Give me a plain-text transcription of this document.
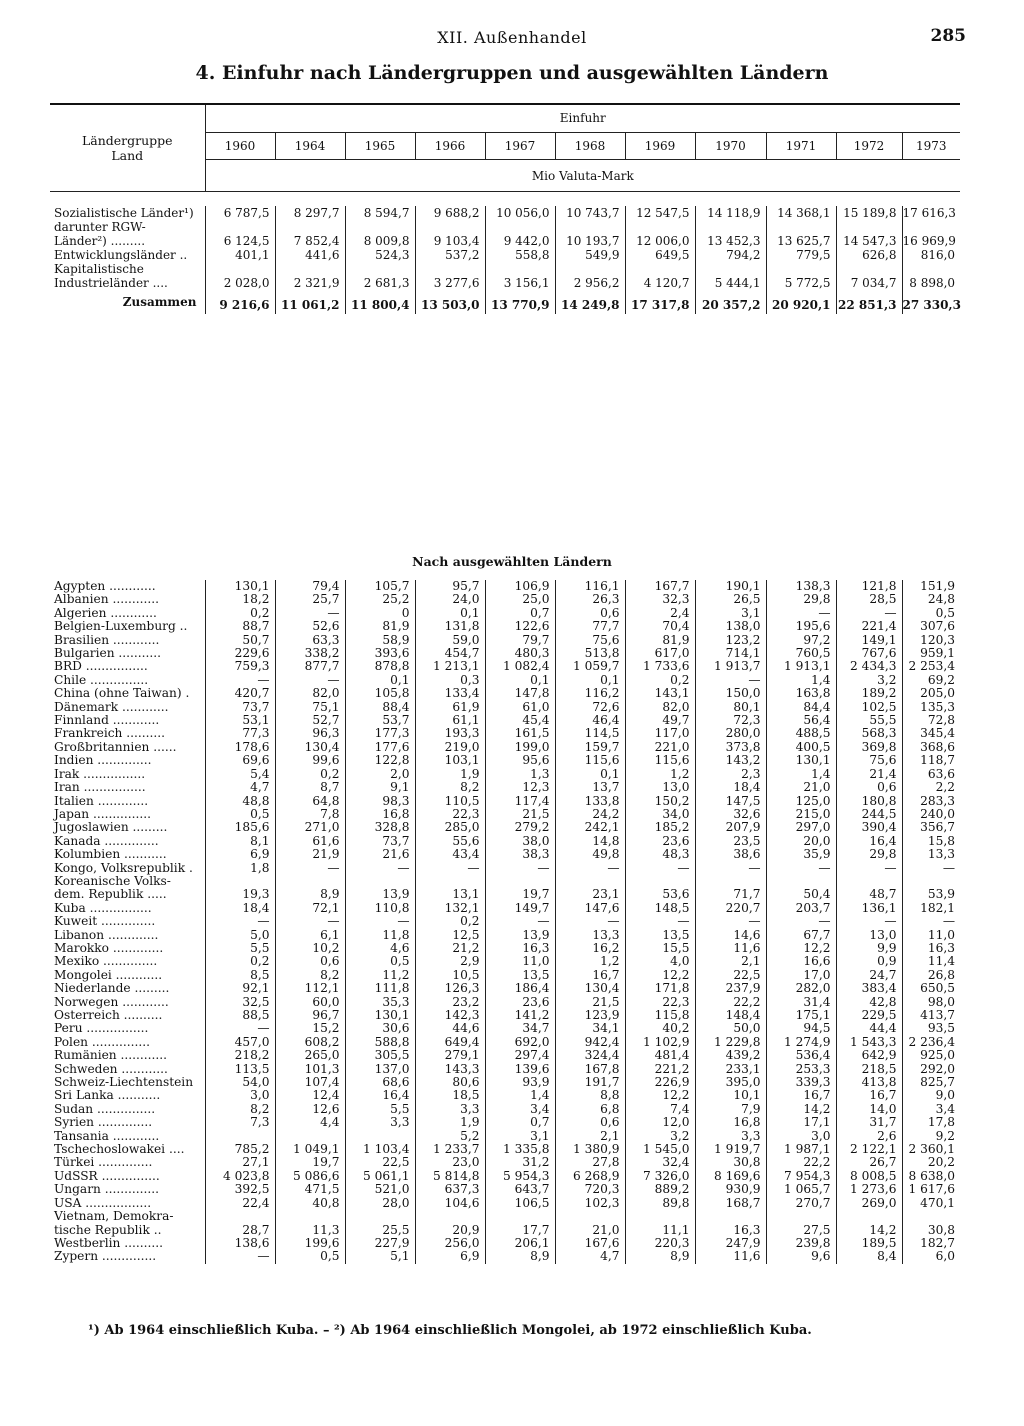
XII. Außenhandel	285
4. Einfuhr nach Ländergruppen und ausgewählten Ländern
Ländergruppe
Land	Einfuhr										
	1960	1964	1965	1966	1967	1968	1969	1970	1971	1972	1973
	Mio Valuta-Mark										

Sozialistische Länder¹)	6 787,5	8 297,7	8 594,7	9 688,2	10 056,0	10 743,7	12 547,5	14 118,9	14 368,1	15 189,8	17 616,3
darunter RGW-											
Länder²) .........	6 124,5	7 852,4	8 009,8	9 103,4	9 442,0	10 193,7	12 006,0	13 452,3	13 625,7	14 547,3	16 969,9
Entwicklungsländer ..	401,1	441,6	524,3	537,2	558,8	549,9	649,5	794,2	779,5	626,8	816,0
Kapitalistische											
Industrieländer ....	2 028,0	2 321,9	2 681,3	3 277,6	3 156,1	2 956,2	4 120,7	5 444,1	5 772,5	7 034,7	8 898,0
Zusammen	9 216,6	11 061,2	11 800,4	13 503,0	13 770,9	14 249,8	17 317,8	20 357,2	20 920,1	22 851,3	27 330,3
Nach ausgewählten Ländern
Ägypten ............	130,1	79,4	105,7	95,7	106,9	116,1	167,7	190,1	138,3	121,8	151,9
Albanien ............	18,2	25,7	25,2	24,0	25,0	26,3	32,3	26,5	29,8	28,5	24,8
Algerien ............	0,2	—	0	0,1	0,7	0,6	2,4	3,1	—	—	0,5
Belgien-Luxemburg ..	88,7	52,6	81,9	131,8	122,6	77,7	70,4	138,0	195,6	221,4	307,6
Brasilien ............	50,7	63,3	58,9	59,0	79,7	75,6	81,9	123,2	97,2	149,1	120,3
Bulgarien ...........	229,6	338,2	393,6	454,7	480,3	513,8	617,0	714,1	760,5	767,6	959,1
BRD ................	759,3	877,7	878,8	1 213,1	1 082,4	1 059,7	1 733,6	1 913,7	1 913,1	2 434,3	2 253,4
Chile ...............	—	—	0,1	0,3	0,1	0,1	0,2	—	1,4	3,2	69,2
China (ohne Taiwan) .	420,7	82,0	105,8	133,4	147,8	116,2	143,1	150,0	163,8	189,2	205,0
Dänemark ............	73,7	75,1	88,4	61,9	61,0	72,6	82,0	80,1	84,4	102,5	135,3
Finnland ............	53,1	52,7	53,7	61,1	45,4	46,4	49,7	72,3	56,4	55,5	72,8
Frankreich ..........	77,3	96,3	177,3	193,3	161,5	114,5	117,0	280,0	488,5	568,3	345,4
Großbritannien ......	178,6	130,4	177,6	219,0	199,0	159,7	221,0	373,8	400,5	369,8	368,6
Indien ..............	69,6	99,6	122,8	103,1	95,6	115,6	115,6	143,2	130,1	75,6	118,7
Irak ................	5,4	0,2	2,0	1,9	1,3	0,1	1,2	2,3	1,4	21,4	63,6
Iran ................	4,7	8,7	9,1	8,2	12,3	13,7	13,0	18,4	21,0	0,6	2,2
Italien .............	48,8	64,8	98,3	110,5	117,4	133,8	150,2	147,5	125,0	180,8	283,3
Japan ...............	0,5	7,8	16,8	22,3	21,5	24,2	34,0	32,6	215,0	244,5	240,0
Jugoslawien .........	185,6	271,0	328,8	285,0	279,2	242,1	185,2	207,9	297,0	390,4	356,7
Kanada ..............	8,1	61,6	73,7	55,6	38,0	14,8	23,6	23,5	20,0	16,4	15,8
Kolumbien ...........	6,9	21,9	21,6	43,4	38,3	49,8	48,3	38,6	35,9	29,8	13,3
Kongo, Volksrepublik .	1,8	—	—	—	—	—	—	—	—	—	—
Koreanische Volks-											
dem. Republik .....	19,3	8,9	13,9	13,1	19,7	23,1	53,6	71,7	50,4	48,7	53,9
Kuba ................	18,4	72,1	110,8	132,1	149,7	147,6	148,5	220,7	203,7	136,1	182,1
Kuweit ..............	—	—	—	0,2	—	—	—	—	—	—	—
Libanon .............	5,0	6,1	11,8	12,5	13,9	13,3	13,5	14,6	67,7	13,0	11,0
Marokko .............	5,5	10,2	4,6	21,2	16,3	16,2	15,5	11,6	12,2	9,9	16,3
Mexiko ..............	0,2	0,6	0,5	2,9	11,0	1,2	4,0	2,1	16,6	0,9	11,4
Mongolei ............	8,5	8,2	11,2	10,5	13,5	16,7	12,2	22,5	17,0	24,7	26,8
Niederlande .........	92,1	112,1	111,8	126,3	186,4	130,4	171,8	237,9	282,0	383,4	650,5
Norwegen ............	32,5	60,0	35,3	23,2	23,6	21,5	22,3	22,2	31,4	42,8	98,0
Österreich ..........	88,5	96,7	130,1	142,3	141,2	123,9	115,8	148,4	175,1	229,5	413,7
Peru ................	—	15,2	30,6	44,6	34,7	34,1	40,2	50,0	94,5	44,4	93,5
Polen ...............	457,0	608,2	588,8	649,4	692,0	942,4	1 102,9	1 229,8	1 274,9	1 543,3	2 236,4
Rumänien ............	218,2	265,0	305,5	279,1	297,4	324,4	481,4	439,2	536,4	642,9	925,0
Schweden ............	113,5	101,3	137,0	143,3	139,6	167,8	221,2	233,1	253,3	218,5	292,0
Schweiz-Liechtenstein	54,0	107,4	68,6	80,6	93,9	191,7	226,9	395,0	339,3	413,8	825,7
Sri Lanka ...........	3,0	12,4	16,4	18,5	1,4	8,8	12,2	10,1	16,7	16,7	9,0
Sudan ...............	8,2	12,6	5,5	3,3	3,4	6,8	7,4	7,9	14,2	14,0	3,4
Syrien ..............	7,3	4,4	3,3	1,9	0,7	0,6	12,0	16,8	17,1	31,7	17,8
Tansania ............				5,2	3,1	2,1	3,2	3,3	3,0	2,6	9,2
Tschechoslowakei ....	785,2	1 049,1	1 103,4	1 233,7	1 335,8	1 380,9	1 545,0	1 919,7	1 987,1	2 122,1	2 360,1
Türkei ..............	27,1	19,7	22,5	23,0	31,2	27,8	32,4	30,8	22,2	26,7	20,2
UdSSR ...............	4 023,8	5 086,6	5 061,1	5 814,8	5 954,3	6 268,9	7 326,0	8 169,6	7 954,3	8 008,5	8 638,0
Ungarn ..............	392,5	471,5	521,0	637,3	643,7	720,3	889,2	930,9	1 065,7	1 273,6	1 617,6
USA .................	22,4	40,8	28,0	104,6	106,5	102,3	89,8	168,7	270,7	269,0	470,1
Vietnam, Demokra-											
tische Republik ..	28,7	11,3	25,5	20,9	17,7	21,0	11,1	16,3	27,5	14,2	30,8
Westberlin ..........	138,6	199,6	227,9	256,0	206,1	167,6	220,3	247,9	239,8	189,5	182,7
Zypern ..............	—	0,5	5,1	6,9	8,9	4,7	8,9	11,6	9,6	8,4	6,0
¹) Ab 1964 einschließlich Kuba. – ²) Ab 1964 einschließlich Mongolei, ab 1972 einschließlich Kuba.
